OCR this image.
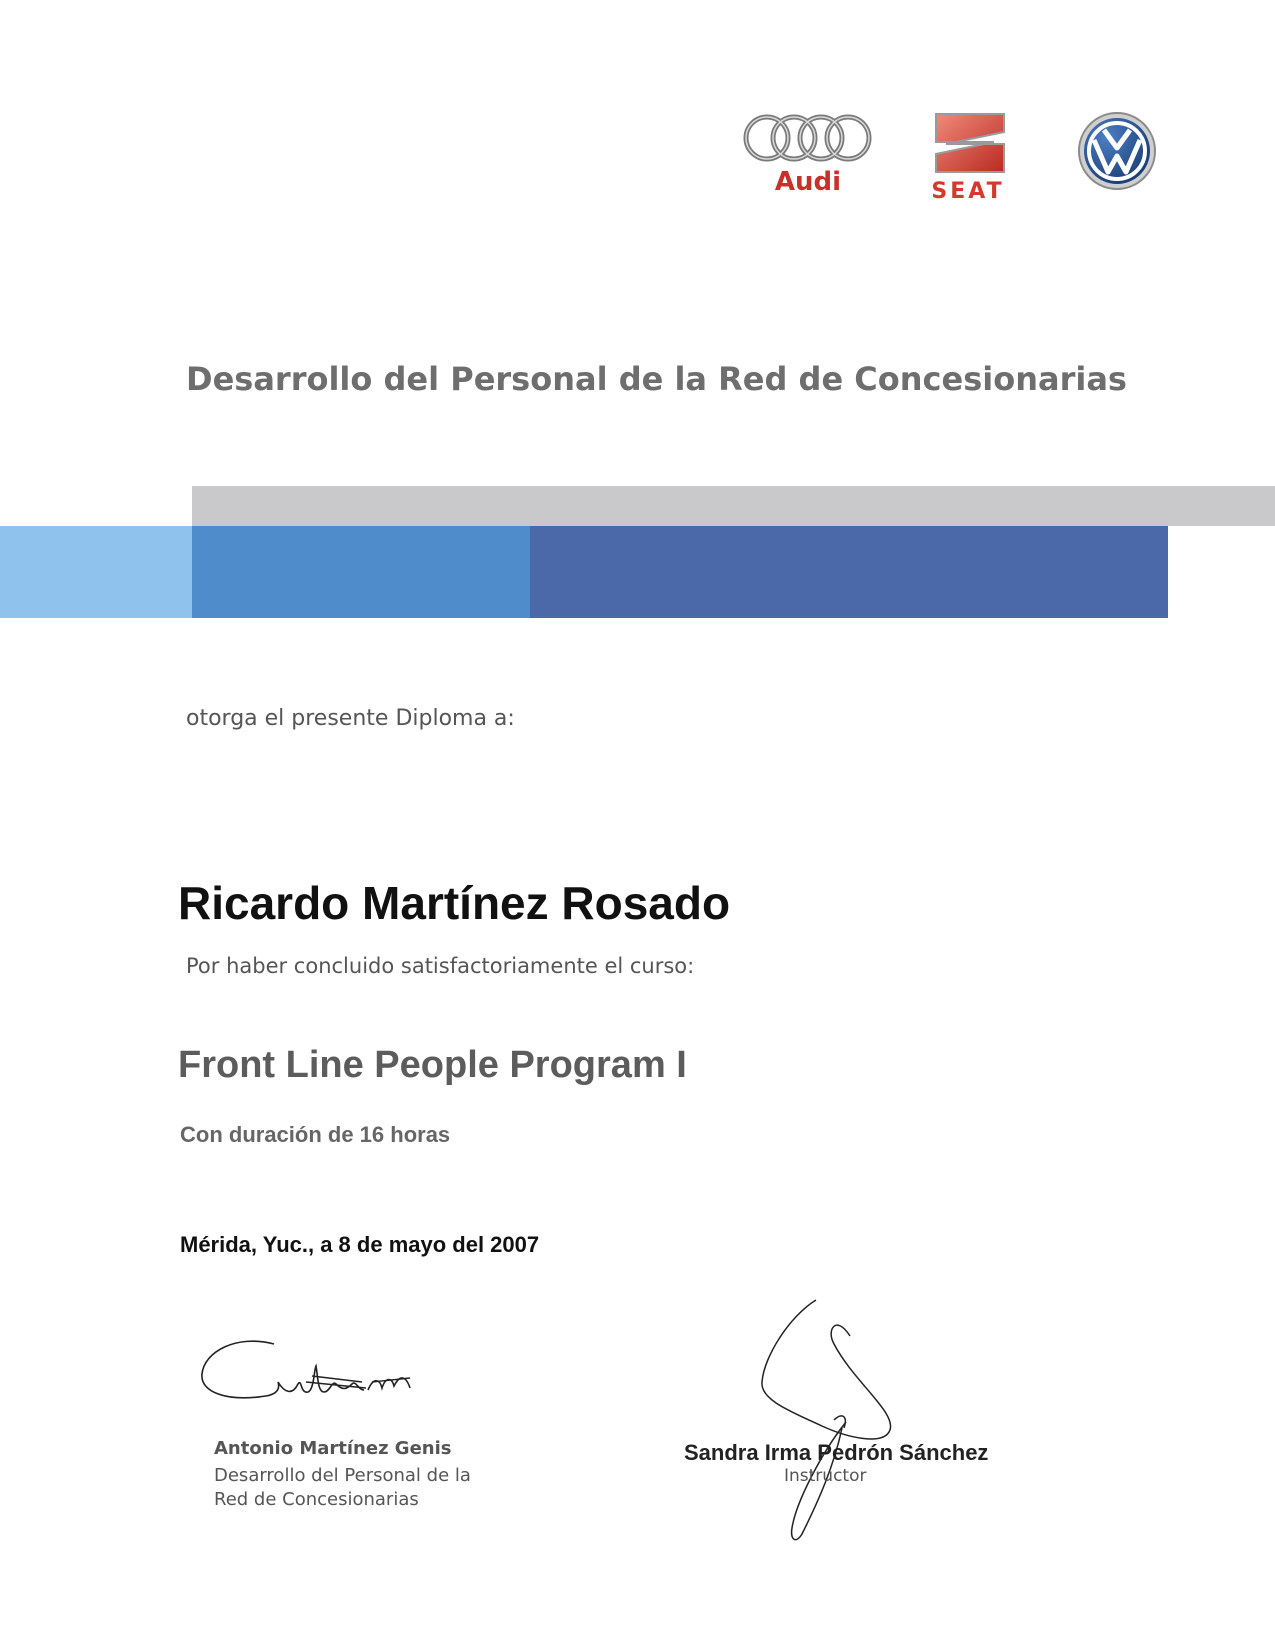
Audi	SEAT
Desarrollo del Personal de la Red de Concesionarias
otorga el presente Diploma a:
Ricardo Martínez Rosado
Por haber concluido satisfactoriamente el curso:
Front Line People Program I
Con duración de 16 horas
Mérida, Yuc., a 8 de mayo del 2007
Antonio Martínez Genis
Desarrollo del Personal de la Red de Concesionarias
Sandra Irma Pedrón Sánchez
Instructor
